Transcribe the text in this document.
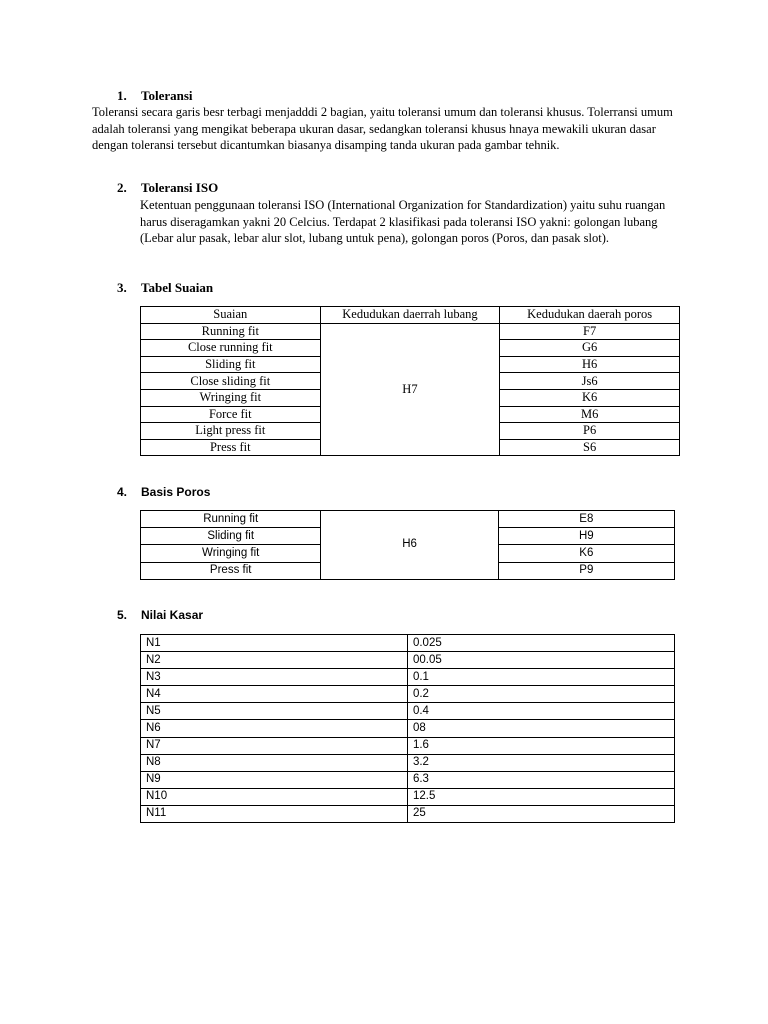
1. Toleransi

Toleransi secara garis besr terbagi menjadddi 2 bagian, yaitu toleransi umum dan toleransi khusus. Tolerransi umum adalah toleransi yang mengikat beberapa ukuran dasar, sedangkan toleransi khusus hnaya mewakili ukuran dasar dengan toleransi tersebut dicantumkan biasanya disamping tanda ukuran pada gambar tehnik.

2. Toleransi ISO

Ketentuan penggunaan toleransi ISO (International Organization for Standardization) yaitu suhu ruangan harus diseragamkan yakni 20 Celcius. Terdapat 2 klasifikasi pada toleransi ISO yakni: golongan lubang (Lebar alur pasak, lebar alur slot, lubang untuk pena), golongan poros (Poros, dan pasak slot).

3. Tabel Suaian
Suaian	Kedudukan daerrah lubang	Kedudukan daerah poros
Running fit	H7	F7
Close running fit		G6
Sliding fit		H6
Close sliding fit		Js6
Wringing fit		K6
Force fit		M6
Light press fit		P6
Press fit		S6
4. Basis Poros
Running fit	H6	E8
Sliding fit		H9
Wringing fit		K6
Press fit		P9
5. Nilai Kasar
N1	0.025
N2	00.05
N3	0.1
N4	0.2
N5	0.4
N6	08
N7	1.6
N8	3.2
N9	6.3
N10	12.5
N11	25
